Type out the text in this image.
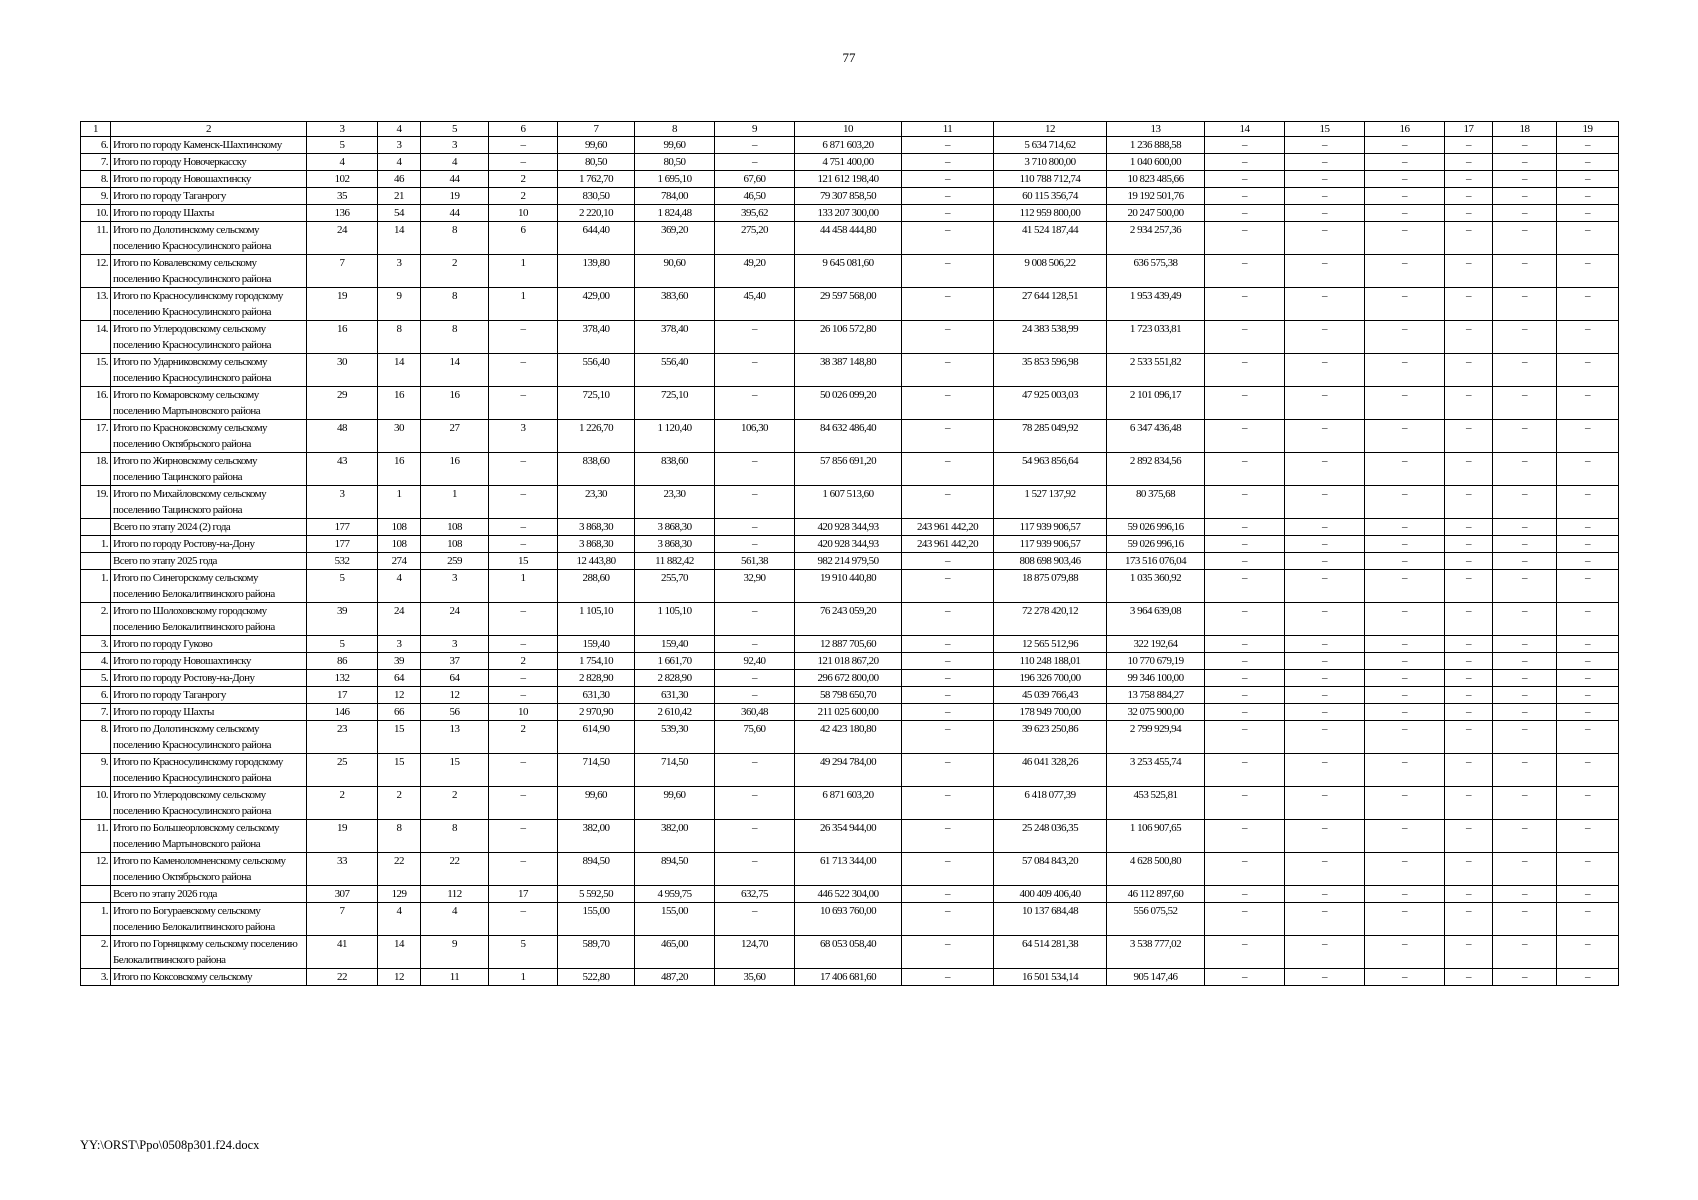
77
1	2	3	4	5	6	7	8	9	10	11	12	13	14	15	16	17	18	19
6.	Итого по городу Каменск-Шахтинскому	5	3	3	–	99,60	99,60	–	6 871 603,20	–	5 634 714,62	1 236 888,58	–	–	–	–	–	–
7.	Итого по городу Новочеркасску	4	4	4	–	80,50	80,50	–	4 751 400,00	–	3 710 800,00	1 040 600,00	–	–	–	–	–	–
8.	Итого по городу Новошахтинску	102	46	44	2	1 762,70	1 695,10	67,60	121 612 198,40	–	110 788 712,74	10 823 485,66	–	–	–	–	–	–
9.	Итого по городу Таганрогу	35	21	19	2	830,50	784,00	46,50	79 307 858,50	–	60 115 356,74	19 192 501,76	–	–	–	–	–	–
10.	Итого по городу Шахты	136	54	44	10	2 220,10	1 824,48	395,62	133 207 300,00	–	112 959 800,00	20 247 500,00	–	–	–	–	–	–
11.	Итого по Долотинскому сельскому поселению Красносулинского района	24	14	8	6	644,40	369,20	275,20	44 458 444,80	–	41 524 187,44	2 934 257,36	–	–	–	–	–	–
12.	Итого по Ковалевскому сельскому поселению Красносулинского района	7	3	2	1	139,80	90,60	49,20	9 645 081,60	–	9 008 506,22	636 575,38	–	–	–	–	–	–
13.	Итого по Красносулинскому городскому поселению Красносулинского района	19	9	8	1	429,00	383,60	45,40	29 597 568,00	–	27 644 128,51	1 953 439,49	–	–	–	–	–	–
14.	Итого по Углеродовскому сельскому поселению Красносулинского района	16	8	8	–	378,40	378,40	–	26 106 572,80	–	24 383 538,99	1 723 033,81	–	–	–	–	–	–
15.	Итого по Ударниковскому сельскому поселению Красносулинского района	30	14	14	–	556,40	556,40	–	38 387 148,80	–	35 853 596,98	2 533 551,82	–	–	–	–	–	–
16.	Итого по Комаровскому сельскому поселению Мартыновского района	29	16	16	–	725,10	725,10	–	50 026 099,20	–	47 925 003,03	2 101 096,17	–	–	–	–	–	–
17.	Итого по Красноковскому сельскому поселению Октябрьского района	48	30	27	3	1 226,70	1 120,40	106,30	84 632 486,40	–	78 285 049,92	6 347 436,48	–	–	–	–	–	–
18.	Итого по Жирновскому сельскому поселению Тацинского района	43	16	16	–	838,60	838,60	–	57 856 691,20	–	54 963 856,64	2 892 834,56	–	–	–	–	–	–
19.	Итого по Михайловскому сельскому поселению Тацинского района	3	1	1	–	23,30	23,30	–	1 607 513,60	–	1 527 137,92	80 375,68	–	–	–	–	–	–
	Всего по этапу 2024 (2) года	177	108	108	–	3 868,30	3 868,30	–	420 928 344,93	243 961 442,20	117 939 906,57	59 026 996,16	–	–	–	–	–	–
1.	Итого по городу Ростову-на-Дону	177	108	108	–	3 868,30	3 868,30	–	420 928 344,93	243 961 442,20	117 939 906,57	59 026 996,16	–	–	–	–	–	–
	Всего по этапу 2025 года	532	274	259	15	12 443,80	11 882,42	561,38	982 214 979,50	–	808 698 903,46	173 516 076,04	–	–	–	–	–	–
1.	Итого по Синегорскому сельскому поселению Белокалитвинского района	5	4	3	1	288,60	255,70	32,90	19 910 440,80	–	18 875 079,88	1 035 360,92	–	–	–	–	–	–
2.	Итого по Шолоховскому городскому поселению Белокалитвинского района	39	24	24	–	1 105,10	1 105,10	–	76 243 059,20	–	72 278 420,12	3 964 639,08	–	–	–	–	–	–
3.	Итого по городу Гуково	5	3	3	–	159,40	159,40	–	12 887 705,60	–	12 565 512,96	322 192,64	–	–	–	–	–	–
4.	Итого по городу Новошахтинску	86	39	37	2	1 754,10	1 661,70	92,40	121 018 867,20	–	110 248 188,01	10 770 679,19	–	–	–	–	–	–
5.	Итого по городу Ростову-на-Дону	132	64	64	–	2 828,90	2 828,90	–	296 672 800,00	–	196 326 700,00	99 346 100,00	–	–	–	–	–	–
6.	Итого по городу Таганрогу	17	12	12	–	631,30	631,30	–	58 798 650,70	–	45 039 766,43	13 758 884,27	–	–	–	–	–	–
7.	Итого по городу Шахты	146	66	56	10	2 970,90	2 610,42	360,48	211 025 600,00	–	178 949 700,00	32 075 900,00	–	–	–	–	–	–
8.	Итого по Долотинскому сельскому поселению Красносулинского района	23	15	13	2	614,90	539,30	75,60	42 423 180,80	–	39 623 250,86	2 799 929,94	–	–	–	–	–	–
9.	Итого по Красносулинскому городскому поселению Красносулинского района	25	15	15	–	714,50	714,50	–	49 294 784,00	–	46 041 328,26	3 253 455,74	–	–	–	–	–	–
10.	Итого по Углеродовскому сельскому поселению Красносулинского района	2	2	2	–	99,60	99,60	–	6 871 603,20	–	6 418 077,39	453 525,81	–	–	–	–	–	–
11.	Итого по Большеорловскому сельскому поселению Мартыновского района	19	8	8	–	382,00	382,00	–	26 354 944,00	–	25 248 036,35	1 106 907,65	–	–	–	–	–	–
12.	Итого по Каменоломненскому сельскому поселению Октябрьского района	33	22	22	–	894,50	894,50	–	61 713 344,00	–	57 084 843,20	4 628 500,80	–	–	–	–	–	–
	Всего по этапу 2026 года	307	129	112	17	5 592,50	4 959,75	632,75	446 522 304,00	–	400 409 406,40	46 112 897,60	–	–	–	–	–	–
1.	Итого по Богураевскому сельскому поселению Белокалитвинского района	7	4	4	–	155,00	155,00	–	10 693 760,00	–	10 137 684,48	556 075,52	–	–	–	–	–	–
2.	Итого по Горняцкому сельскому поселению Белокалитвинского района	41	14	9	5	589,70	465,00	124,70	68 053 058,40	–	64 514 281,38	3 538 777,02	–	–	–	–	–	–
3.	Итого по Коксовскому сельскому	22	12	11	1	522,80	487,20	35,60	17 406 681,60	–	16 501 534,14	905 147,46	–	–	–	–	–	–
YY:\ORST\Ppo\0508p301.f24.docx
